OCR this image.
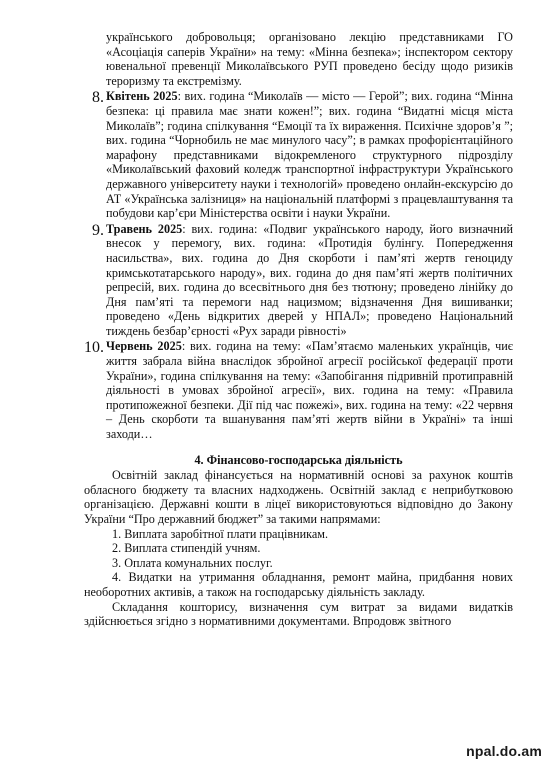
українського добровольця; організовано лекцію представниками ГО «Асоціація саперів України» на тему: «Мінна безпека»; інспектором сектору ювенальної превенції Миколаївського РУП проведено бесіду щодо ризиків тероризму та екстремізму.

8. Квітень 2025: вих. година “Миколаїв — місто — Герой”; вих. година “Мінна безпека: ці правила має знати кожен!”; вих. година “Видатні місця міста Миколаїв”; година спілкування “Емоції та їх вираження. Психічне здоров’я ”; вих. година “Чорнобиль не має минулого часу”; в рамках профорієнтаційного марафону представниками відокремленого структурного підрозділу «Миколаївський фаховий коледж транспортної інфраструктури Українського державного університету науки і технологій» проведено онлайн-екскурсію до АТ «Українська залізниця» на національній платформі з працевлаштування та побудови кар’єри Міністерства освіти і науки України.

9. Травень 2025: вих. година: «Подвиг українського народу, його визначний внесок у перемогу, вих. година: «Протидія булінгу. Попередження насильства», вих. година до Дня скорботи і пам’яті жертв геноциду кримськотатарського народу», вих. година до дня пам’яті жертв політичних репресій, вих. година до всесвітнього дня без тютюну; проведено лінійку до Дня пам’яті та перемоги над нацизмом; відзначення Дня вишиванки; проведено «День відкритих дверей у НПАЛ»; проведено Національний тиждень безбар’єрності «Рух заради рівності»

10. Червень 2025: вих. година на тему: «Пам’ятаємо маленьких українців, чиє життя забрала війна внаслідок збройної агресії російської федерації проти України», година спілкування на тему: «Запобігання підривній протиправній діяльності в умовах збройної агресії», вих. година на тему: «Правила протипожежної безпеки. Дії під час пожежі», вих. година на тему: «22 червня – День скорботи та вшанування пам’яті жертв війни в Україні» та інші заходи…

4. Фінансово-господарська діяльність

Освітній заклад фінансується на нормативній основі за рахунок коштів обласного бюджету та власних надходжень. Освітній заклад є неприбутковою організацією. Державні кошти в ліцеї використовуються відповідно до Закону України “Про державний бюджет” за такими напрямами:

1. Виплата заробітної плати працівникам.

2. Виплата стипендій учням.

3. Оплата комунальних послуг.

4. Видатки на утримання обладнання, ремонт майна, придбання нових необоротних активів, а також на господарську діяльність закладу.

Складання кошторису, визначення сум витрат за видами видатків здійснюється згідно з нормативними документами. Впродовж звітного

npal.do.am
